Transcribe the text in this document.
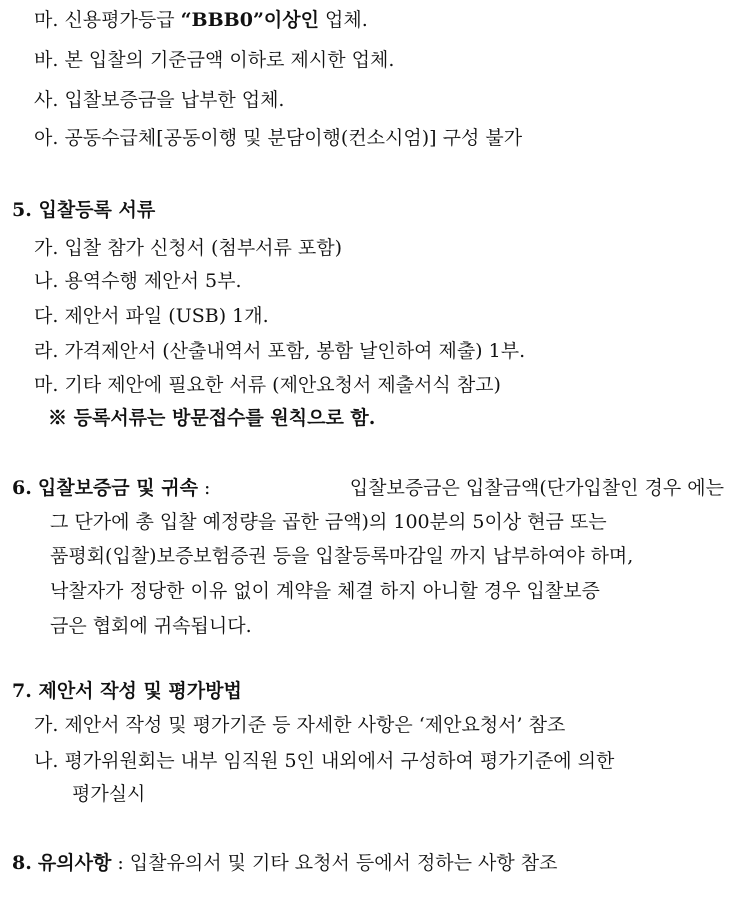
마. 신용평가등급 “BBB0”이상인 업체.
바. 본 입찰의 기준금액 이하로 제시한 업체.
사. 입찰보증금을 납부한 업체.
아. 공동수급체[공동이행 및 분담이행(컨소시엄)] 구성 불가
5. 입찰등록 서류
가. 입찰 참가 신청서 (첨부서류 포함)
나. 용역수행 제안서 5부.
다. 제안서 파일 (USB) 1개.
라. 가격제안서 (산출내역서 포함, 봉함 날인하여 제출) 1부.
마. 기타 제안에 필요한 서류 (제안요청서 제출서식 참고)
※ 등록서류는 방문접수를 원칙으로 함.
6. 입찰보증금 및 귀속 :	입찰보증금은 입찰금액(단가입찰인 경우 에는
그 단가에 총 입찰 예정량을 곱한 금액)의 100분의 5이상 현금 또는
품평회(입찰)보증보험증권 등을 입찰등록마감일 까지 납부하여야 하며,
낙찰자가 정당한 이유 없이 계약을 체결 하지 아니할 경우 입찰보증
금은 협회에 귀속됩니다.
7. 제안서 작성 및 평가방법
가. 제안서 작성 및 평가기준 등 자세한 사항은 ‘제안요청서’ 참조
나. 평가위원회는 내부 임직원 5인 내외에서 구성하여 평가기준에 의한
평가실시
8. 유의사항 : 입찰유의서 및 기타 요청서 등에서 정하는 사항 참조
